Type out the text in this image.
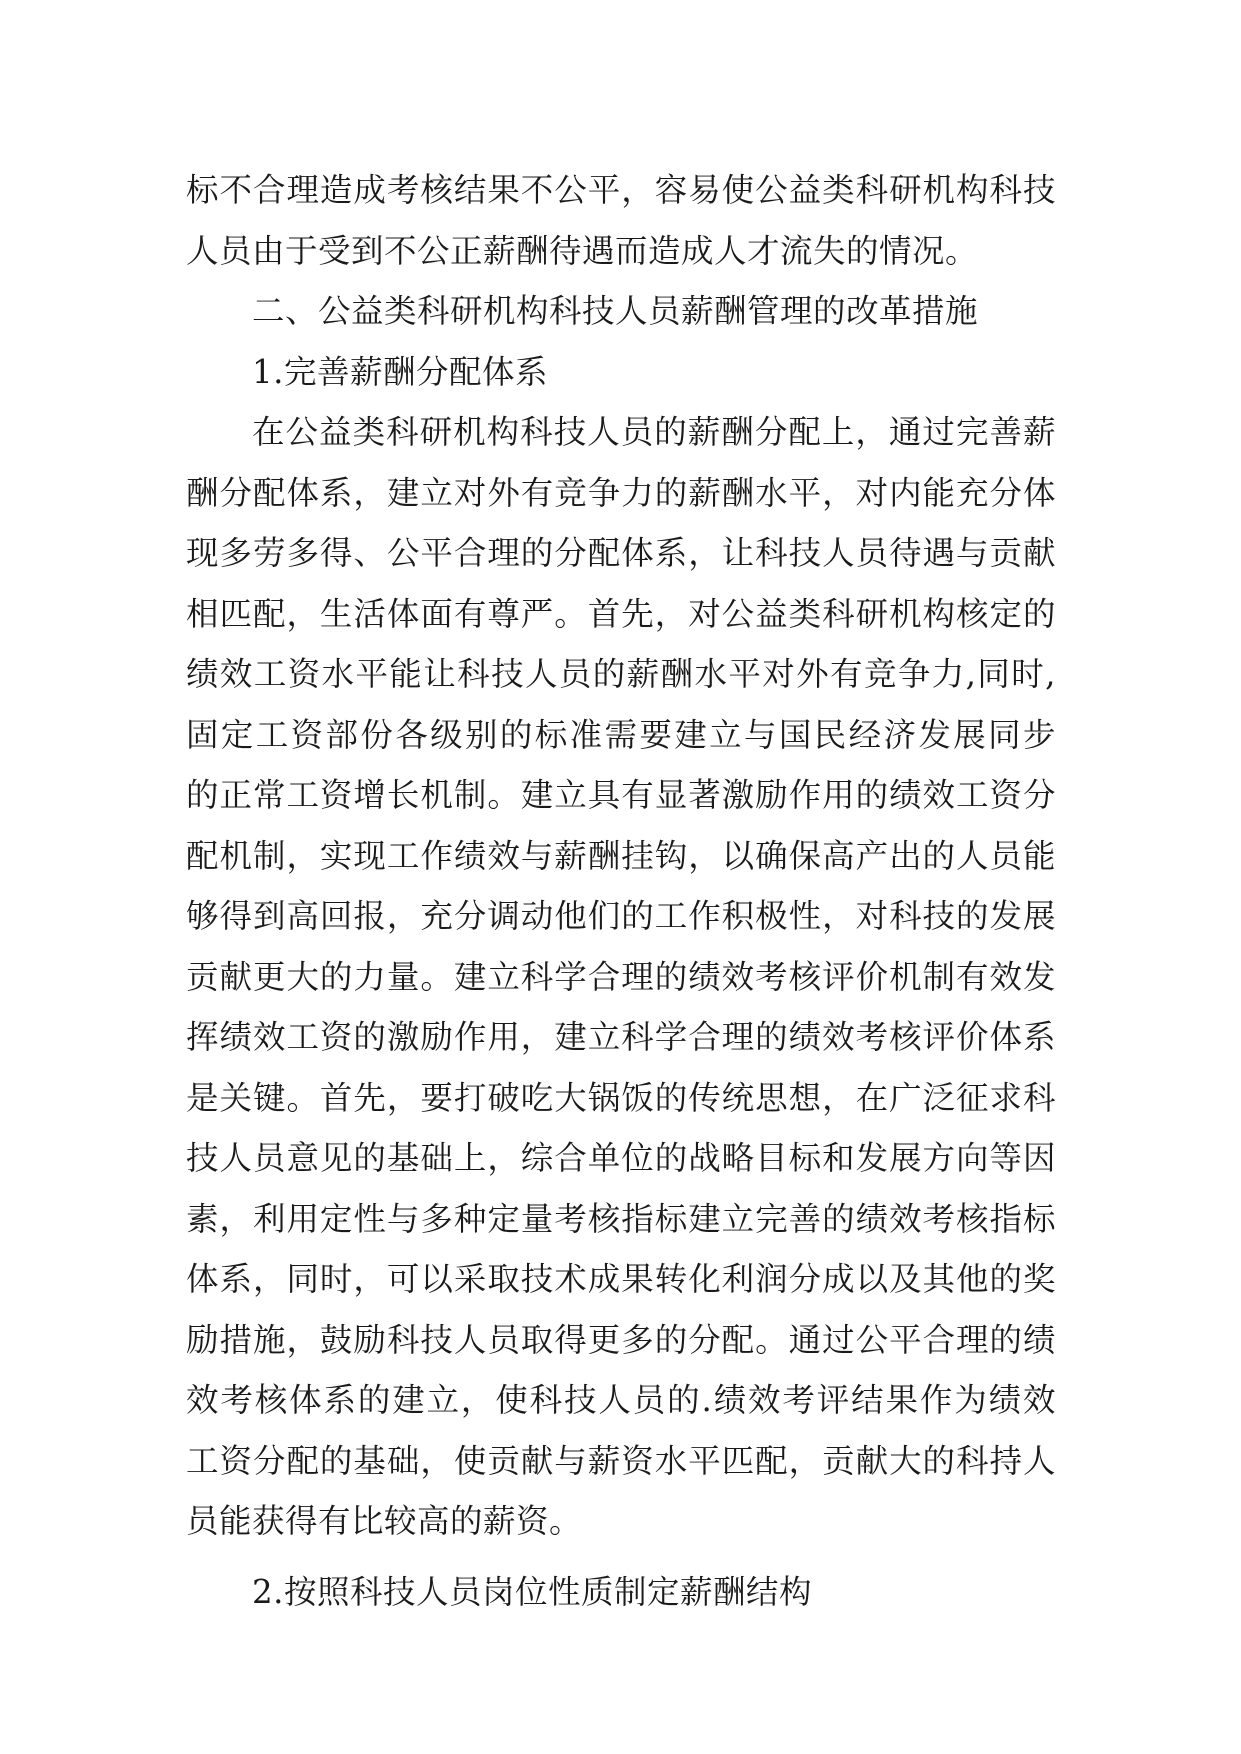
标不合理造成考核结果不公平，容易使公益类科研机构科技
人员由于受到不公正薪酬待遇而造成人才流失的情况。
二、公益类科研机构科技人员薪酬管理的改革措施
1.完善薪酬分配体系
在公益类科研机构科技人员的薪酬分配上，通过完善薪
酬分配体系，建立对外有竞争力的薪酬水平，对内能充分体
现多劳多得、公平合理的分配体系，让科技人员待遇与贡献
相匹配，生活体面有尊严。首先，对公益类科研机构核定的
绩效工资水平能让科技人员的薪酬水平对外有竞争力,同时,
固定工资部份各级别的标准需要建立与国民经济发展同步
的正常工资增长机制。建立具有显著激励作用的绩效工资分
配机制，实现工作绩效与薪酬挂钩，以确保高产出的人员能
够得到高回报，充分调动他们的工作积极性，对科技的发展
贡献更大的力量。建立科学合理的绩效考核评价机制有效发
挥绩效工资的激励作用，建立科学合理的绩效考核评价体系
是关键。首先，要打破吃大锅饭的传统思想，在广泛征求科
技人员意见的基础上，综合单位的战略目标和发展方向等因
素，利用定性与多种定量考核指标建立完善的绩效考核指标
体系，同时，可以采取技术成果转化利润分成以及其他的奖
励措施，鼓励科技人员取得更多的分配。通过公平合理的绩
效考核体系的建立，使科技人员的.绩效考评结果作为绩效
工资分配的基础，使贡献与薪资水平匹配，贡献大的科持人
员能获得有比较高的薪资。
2.按照科技人员岗位性质制定薪酬结构
